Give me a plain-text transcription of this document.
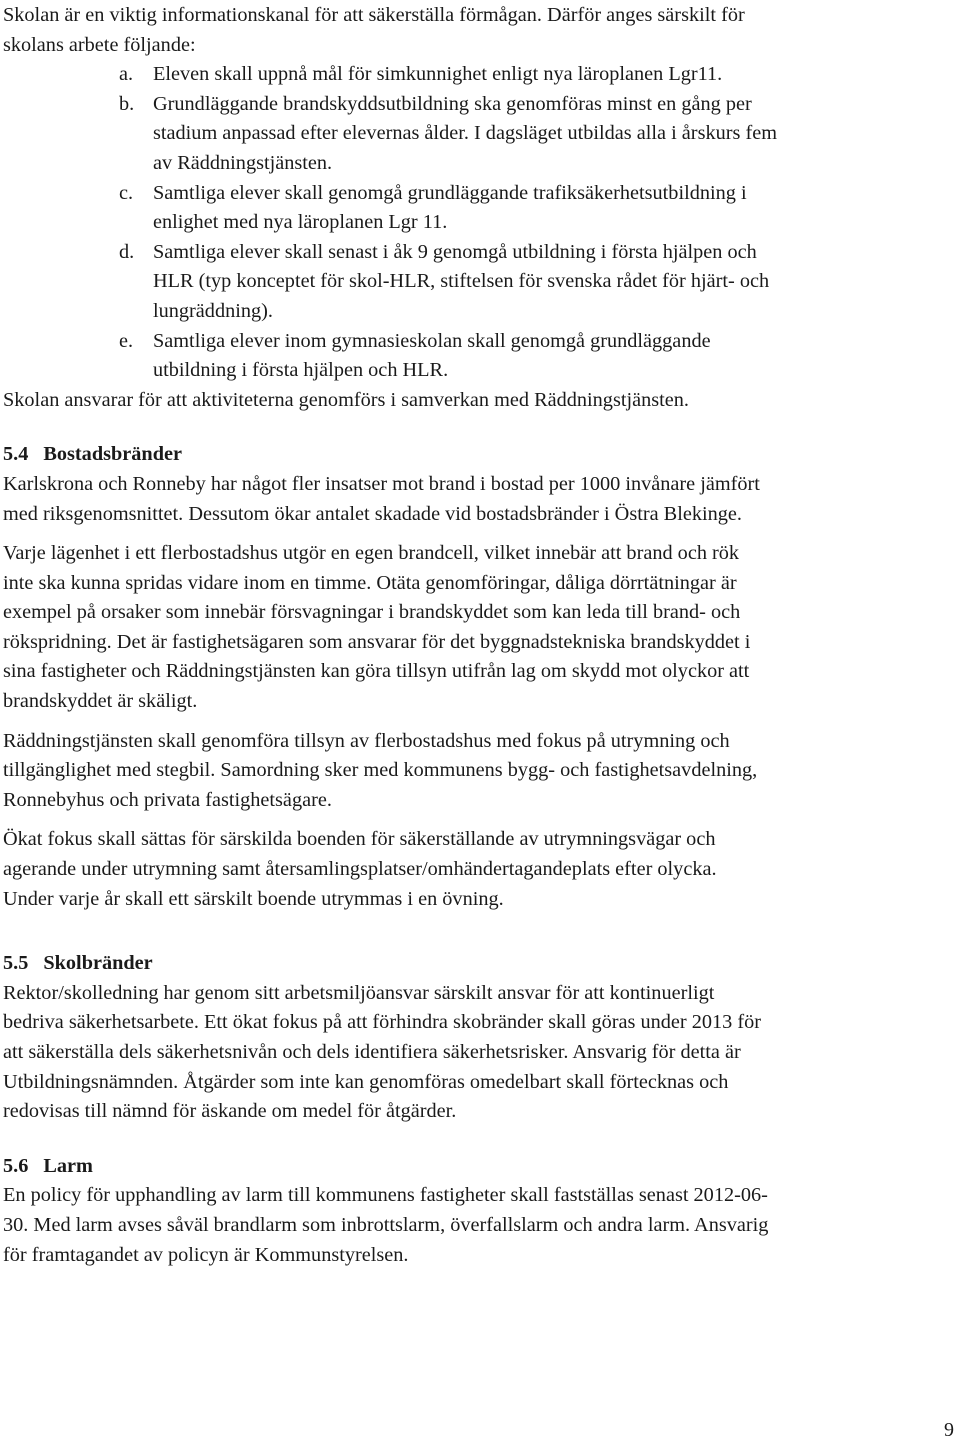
Skolan är en viktig informationskanal för att säkerställa förmågan. Därför anges särskilt för
skolans arbete följande:

a. Eleven skall uppnå mål för simkunnighet enligt nya läroplanen Lgr11.
b. Grundläggande brandskyddsutbildning ska genomföras minst en gång per
stadium anpassad efter elevernas ålder. I dagsläget utbildas alla i årskurs fem
av Räddningstjänsten.
c. Samtliga elever skall genomgå grundläggande trafiksäkerhetsutbildning i
enlighet med nya läroplanen Lgr 11.
d. Samtliga elever skall senast i åk 9 genomgå utbildning i första hjälpen och
HLR (typ konceptet för skol-HLR, stiftelsen för svenska rådet för hjärt- och
lungräddning).
e. Samtliga elever inom gymnasieskolan skall genomgå grundläggande
utbildning i första hjälpen och HLR.

Skolan ansvarar för att aktiviteterna genomförs i samverkan med Räddningstjänsten.

5.4 Bostadsbränder

Karlskrona och Ronneby har något fler insatser mot brand i bostad per 1000 invånare jämfört
med riksgenomsnittet. Dessutom ökar antalet skadade vid bostadsbränder i Östra Blekinge.

Varje lägenhet i ett flerbostadshus utgör en egen brandcell, vilket innebär att brand och rök
inte ska kunna spridas vidare inom en timme. Otäta genomföringar, dåliga dörrtätningar är
exempel på orsaker som innebär försvagningar i brandskyddet som kan leda till brand- och
rökspridning. Det är fastighetsägaren som ansvarar för det byggnadstekniska brandskyddet i
sina fastigheter och Räddningstjänsten kan göra tillsyn utifrån lag om skydd mot olyckor att
brandskyddet är skäligt.

Räddningstjänsten skall genomföra tillsyn av flerbostadshus med fokus på utrymning och
tillgänglighet med stegbil. Samordning sker med kommunens bygg- och fastighetsavdelning,
Ronnebyhus och privata fastighetsägare.

Ökat fokus skall sättas för särskilda boenden för säkerställande av utrymningsvägar och
agerande under utrymning samt återsamlingsplatser/omhändertagandeplats efter olycka.
Under varje år skall ett särskilt boende utrymmas i en övning.

5.5 Skolbränder

Rektor/skolledning har genom sitt arbetsmiljöansvar särskilt ansvar för att kontinuerligt
bedriva säkerhetsarbete. Ett ökat fokus på att förhindra skobränder skall göras under 2013 för
att säkerställa dels säkerhetsnivån och dels identifiera säkerhetsrisker. Ansvarig för detta är
Utbildningsnämnden. Åtgärder som inte kan genomföras omedelbart skall förtecknas och
redovisas till nämnd för äskande om medel för åtgärder.

5.6 Larm

En policy för upphandling av larm till kommunens fastigheter skall fastställas senast 2012-06-
30. Med larm avses såväl brandlarm som inbrottslarm, överfallslarm och andra larm. Ansvarig
för framtagandet av policyn är Kommunstyrelsen.

9
